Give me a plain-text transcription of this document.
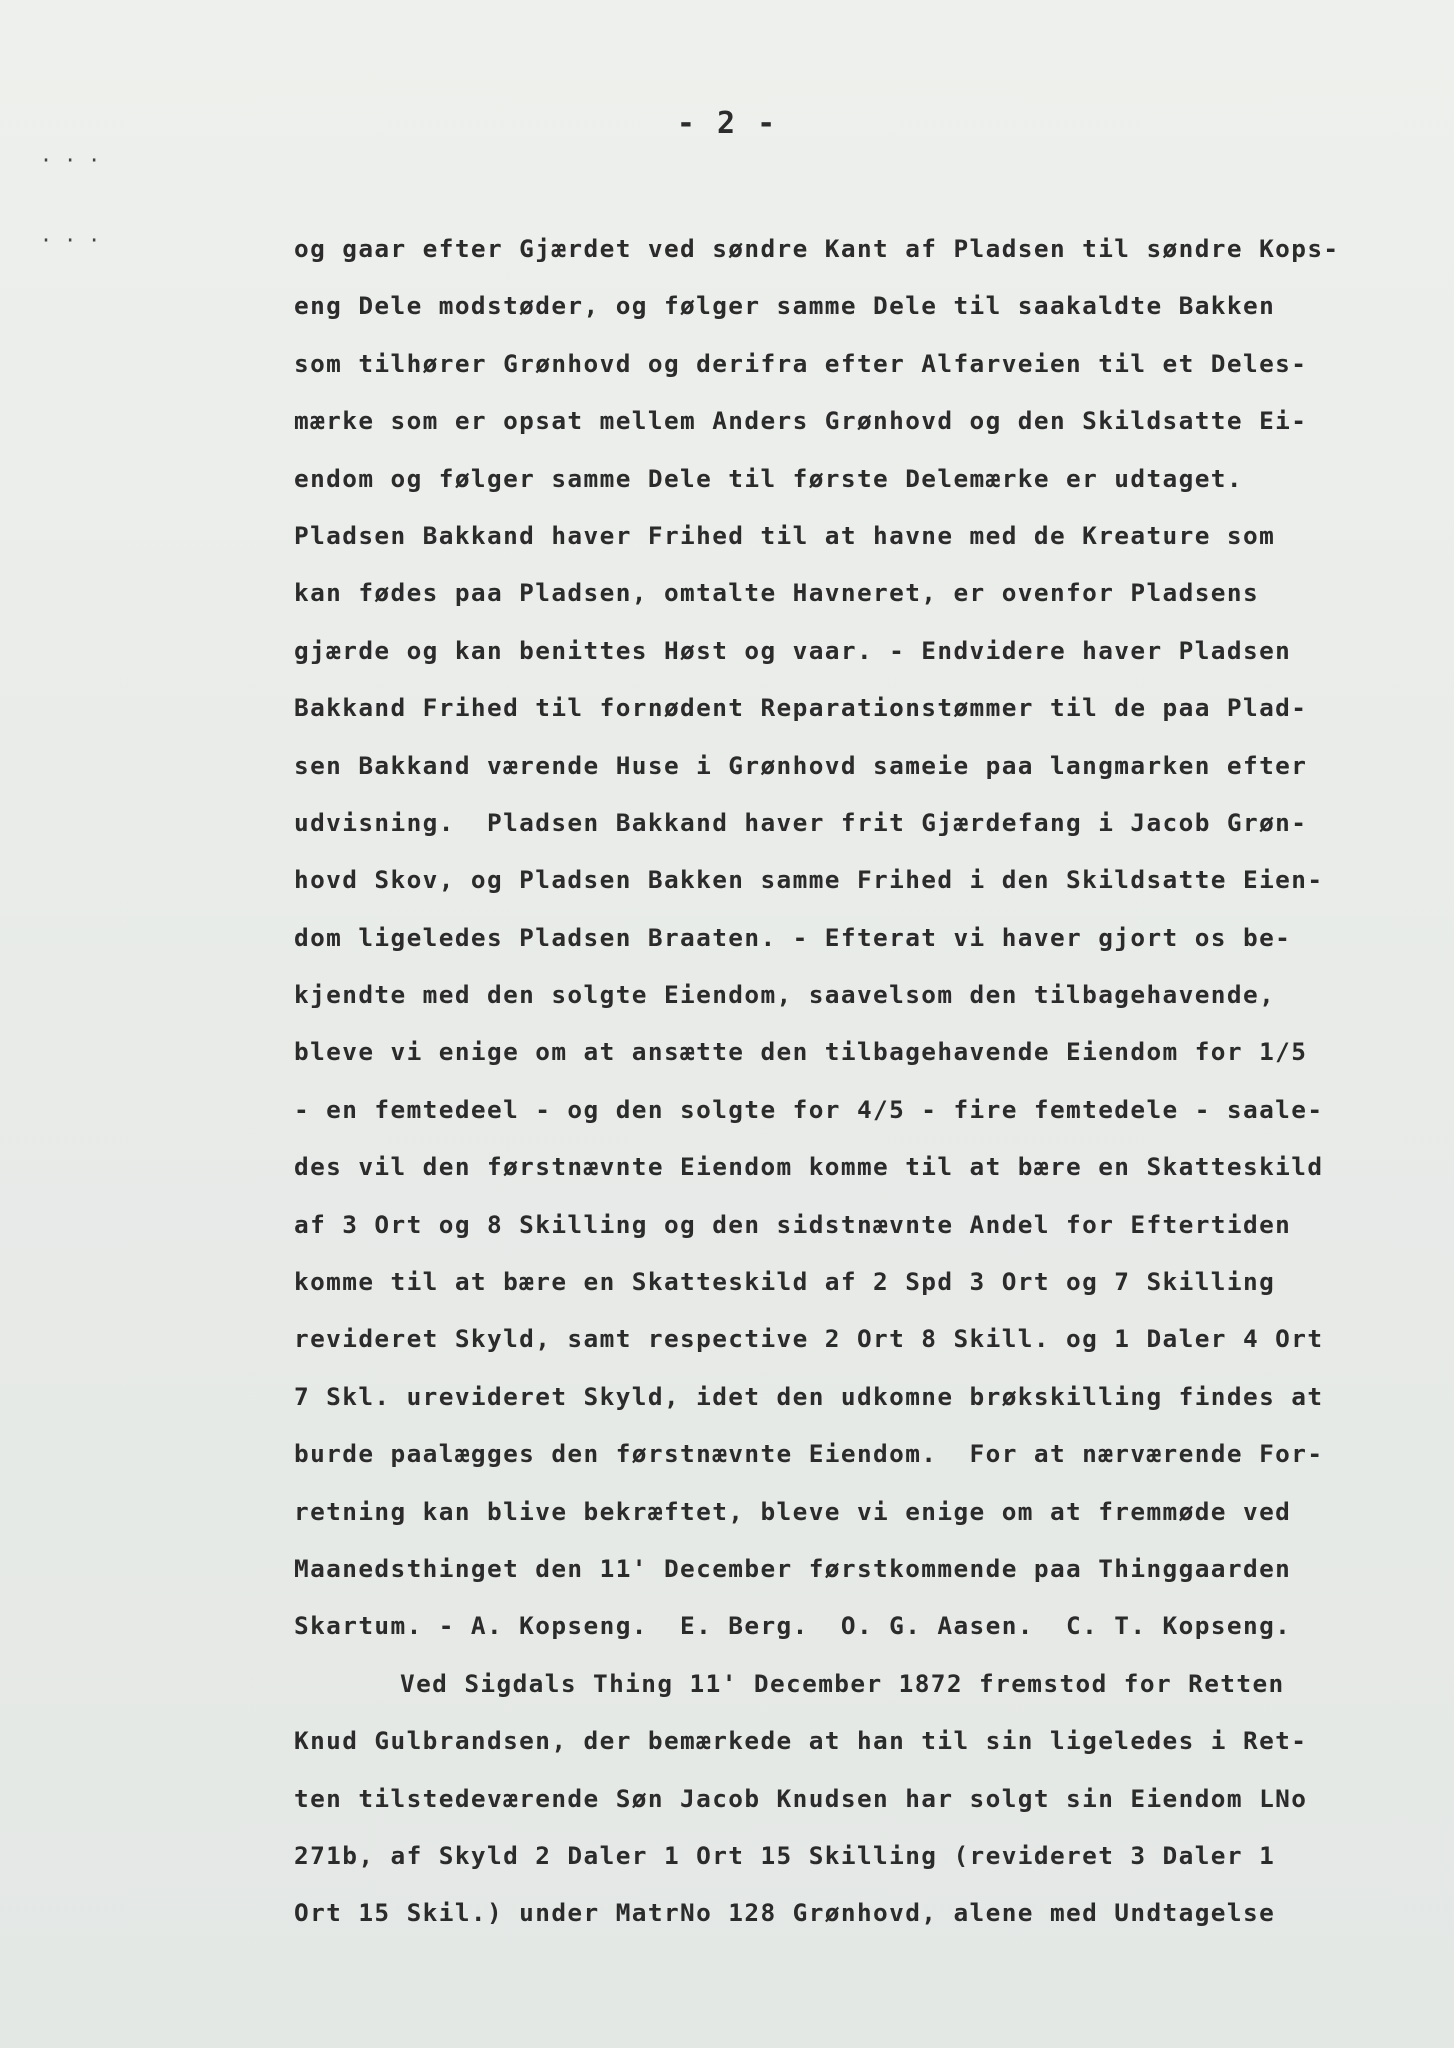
· · ·
· · ·
- 2 -
og gaar efter Gjærdet ved søndre Kant af Pladsen til søndre Kops-
eng Dele modstøder, og følger samme Dele til saakaldte Bakken
som tilhører Grønhovd og derifra efter Alfarveien til et Deles-
mærke som er opsat mellem Anders Grønhovd og den Skildsatte Ei-
endom og følger samme Dele til første Delemærke er udtaget.
Pladsen Bakkand haver Frihed til at havne med de Kreature som
kan fødes paa Pladsen, omtalte Havneret, er ovenfor Pladsens
gjærde og kan benittes Høst og vaar. - Endvidere haver Pladsen
Bakkand Frihed til fornødent Reparationstømmer til de paa Plad-
sen Bakkand værende Huse i Grønhovd sameie paa langmarken efter
udvisning.  Pladsen Bakkand haver frit Gjærdefang i Jacob Grøn-
hovd Skov, og Pladsen Bakken samme Frihed i den Skildsatte Eien-
dom ligeledes Pladsen Braaten. - Efterat vi haver gjort os be-
kjendte med den solgte Eiendom, saavelsom den tilbagehavende,
bleve vi enige om at ansætte den tilbagehavende Eiendom for 1/5
- en femtedeel - og den solgte for 4/5 - fire femtedele - saale-
des vil den førstnævnte Eiendom komme til at bære en Skatteskild
af 3 Ort og 8 Skilling og den sidstnævnte Andel for Eftertiden
komme til at bære en Skatteskild af 2 Spd 3 Ort og 7 Skilling
revideret Skyld, samt respective 2 Ort 8 Skill. og 1 Daler 4 Ort
7 Skl. urevideret Skyld, idet den udkomne brøkskilling findes at
burde paalægges den førstnævnte Eiendom.  For at nærværende For-
retning kan blive bekræftet, bleve vi enige om at fremmøde ved
Maanedsthinget den 11' December førstkommende paa Thinggaarden
Skartum. - A. Kopseng.  E. Berg.  O. G. Aasen.  C. T. Kopseng.
Ved Sigdals Thing 11' December 1872 fremstod for Retten
Knud Gulbrandsen, der bemærkede at han til sin ligeledes i Ret-
ten tilstedeværende Søn Jacob Knudsen har solgt sin Eiendom LNo
271b, af Skyld 2 Daler 1 Ort 15 Skilling (revideret 3 Daler 1
Ort 15 Skil.) under MatrNo 128 Grønhovd, alene med Undtagelse
